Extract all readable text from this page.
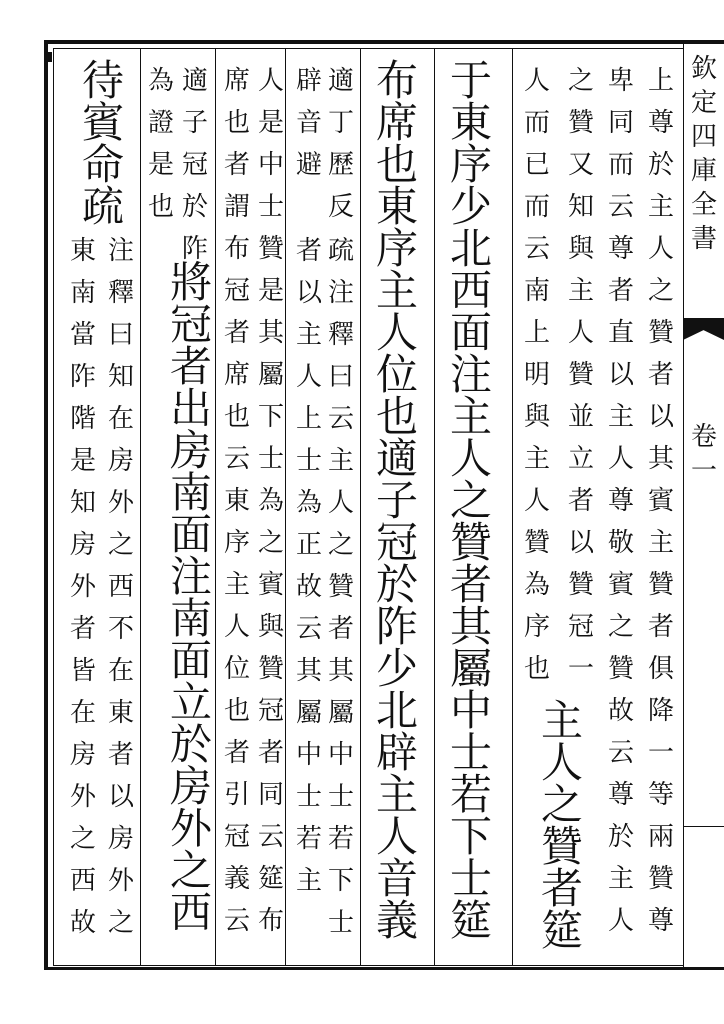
欽定四庫全書
卷一
上尊於主人之贊者以其賓主贊者俱降一等兩贊尊
卑同而云尊者直以主人尊敬賓之贊故云尊於主人
之贊又知與主人贊並立者以贊冠一
主人之贊者筵
人而已而云南上明與主人贊為序也
于東序少北西面注主人之贊者其屬中士若下士筵
布席也東序主人位也適子冠於阼少北辟主人音義
適丁歷反
辟音避
疏注釋曰云主人之贊者其屬中士若下士
者以主人上士為正故云其屬中士若主
人是中士贊是其屬下士為之賓與贊冠者同云筵布
席也者謂布冠者席也云東序主人位也者引冠義云
適子冠於阼
為證是也
將冠者出房南面注南面立於房外之西
待賓命疏
注釋曰知在房外之西不在東者以房外之
東南當阼階是知房外者皆在房外之西故
